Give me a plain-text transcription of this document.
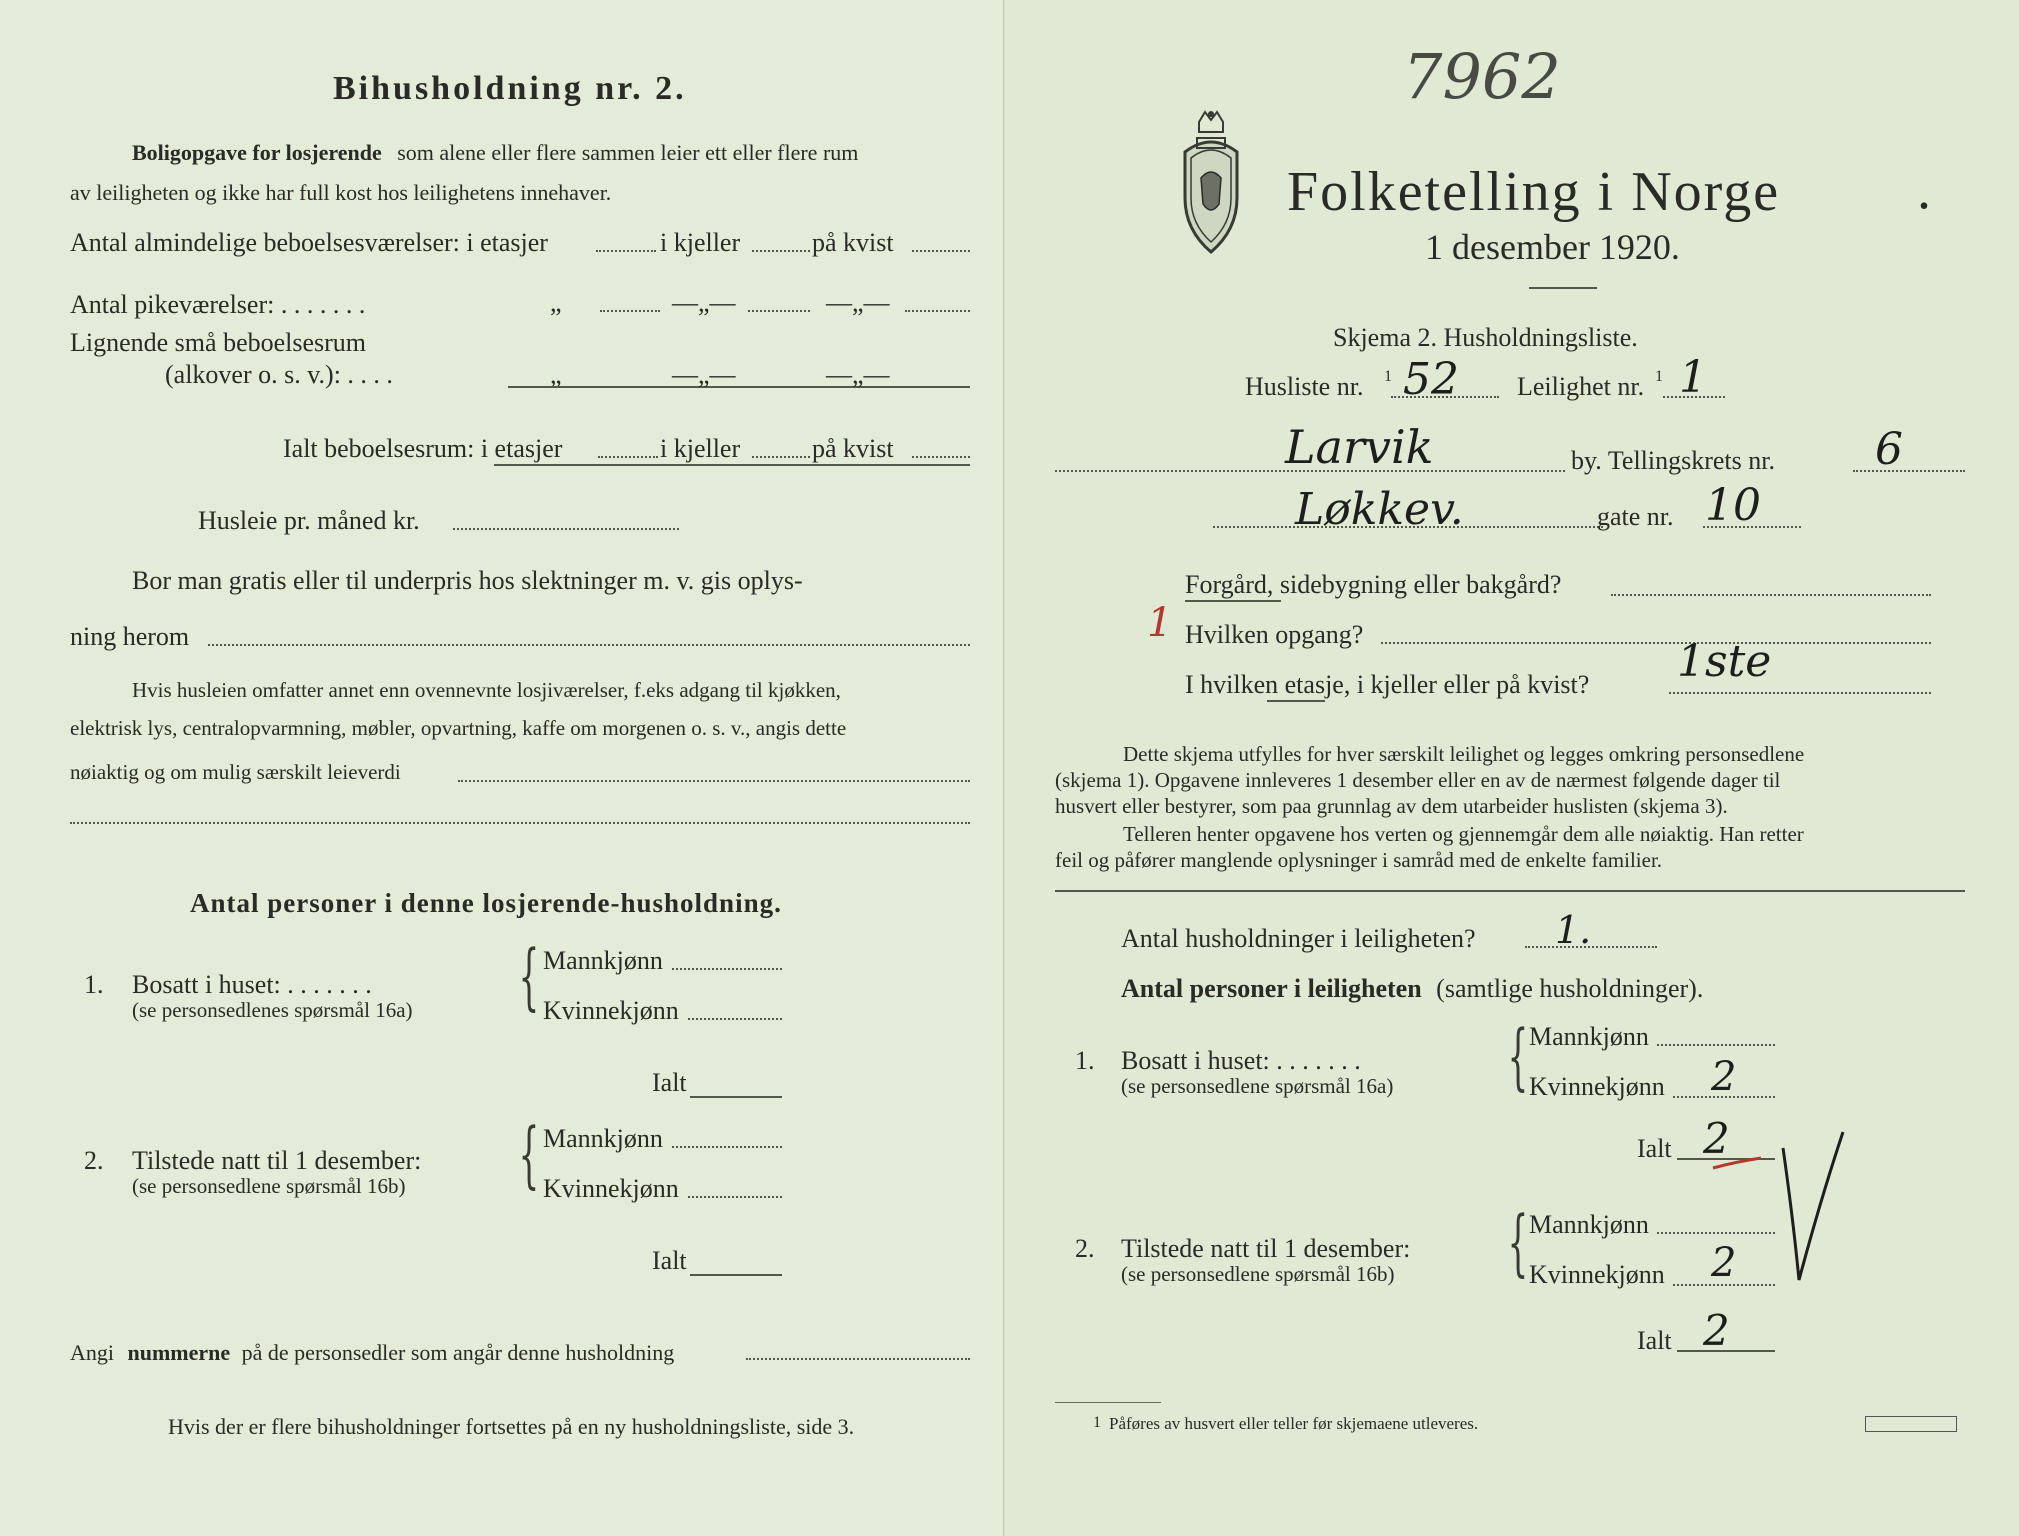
Bihusholdning nr. 2.
Boligopgave for losjerende som alene eller flere sammen leier ett eller flere rum
av leiligheten og ikke har full kost hos leilighetens innehaver.
Antal almindelige beboelsesværelser: i etasjer	i kjeller	på kvist
Antal pikeværelser: . . . . . . .	„	—„—	—„—
Lignende små beboelsesrum
(alkover o. s. v.): . . . .	„	—„—	—„—
Ialt beboelsesrum: i etasjer	i kjeller	på kvist
Husleie pr. måned kr.
Bor man gratis eller til underpris hos slektninger m. v. gis oplys-
ning herom
Hvis husleien omfatter annet enn ovennevnte losjiværelser, f.eks adgang til kjøkken,
elektrisk lys, centralopvarmning, møbler, opvartning, kaffe om morgenen o. s. v., angis dette
nøiaktig og om mulig særskilt leieverdi
Antal personer i denne losjerende-husholdning.
1. Bosatt i huset: . . . . . . .
(se personsedlenes spørsmål 16a) { Mannkjønn
Kvinnekjønn
Ialt
2. Tilstede natt til 1 desember:
(se personsedlene spørsmål 16b) { Mannkjønn
Kvinnekjønn
Ialt
Angi nummerne på de personsedler som angår denne husholdning
Hvis der er flere bihusholdninger fortsettes på en ny husholdningsliste, side 3.
7962
Folketelling i Norge .
1 desember 1920.
Skjema 2. Husholdningsliste.
Husliste nr. 1 52 Leilighet nr. 1 1
Larvik	by. Tellingskrets nr. 6
Løkkev.	gate nr. 10
Forgård, sidebygning eller bakgård?
1 Hvilken opgang?
I hvilken etasje, i kjeller eller på kvist? 1ste
Dette skjema utfylles for hver særskilt leilighet og legges omkring personsedlene
(skjema 1). Opgavene innleveres 1 desember eller en av de nærmest følgende dager til
husvert eller bestyrer, som paa grunnlag av dem utarbeider huslisten (skjema 3).
Telleren henter opgavene hos verten og gjennemgår dem alle nøiaktig. Han retter
feil og påfører manglende oplysninger i samråd med de enkelte familier.
Antal husholdninger i leiligheten? 1.
Antal personer i leiligheten (samtlige husholdninger).
1. Bosatt i huset: . . . . . . .
(se personsedlene spørsmål 16a) { Mannkjønn
Kvinnekjønn 2
Ialt 2
2. Tilstede natt til 1 desember:
(se personsedlene spørsmål 16b) { Mannkjønn
Kvinnekjønn 2
Ialt 2
1 Påføres av husvert eller teller før skjemaene utleveres.
